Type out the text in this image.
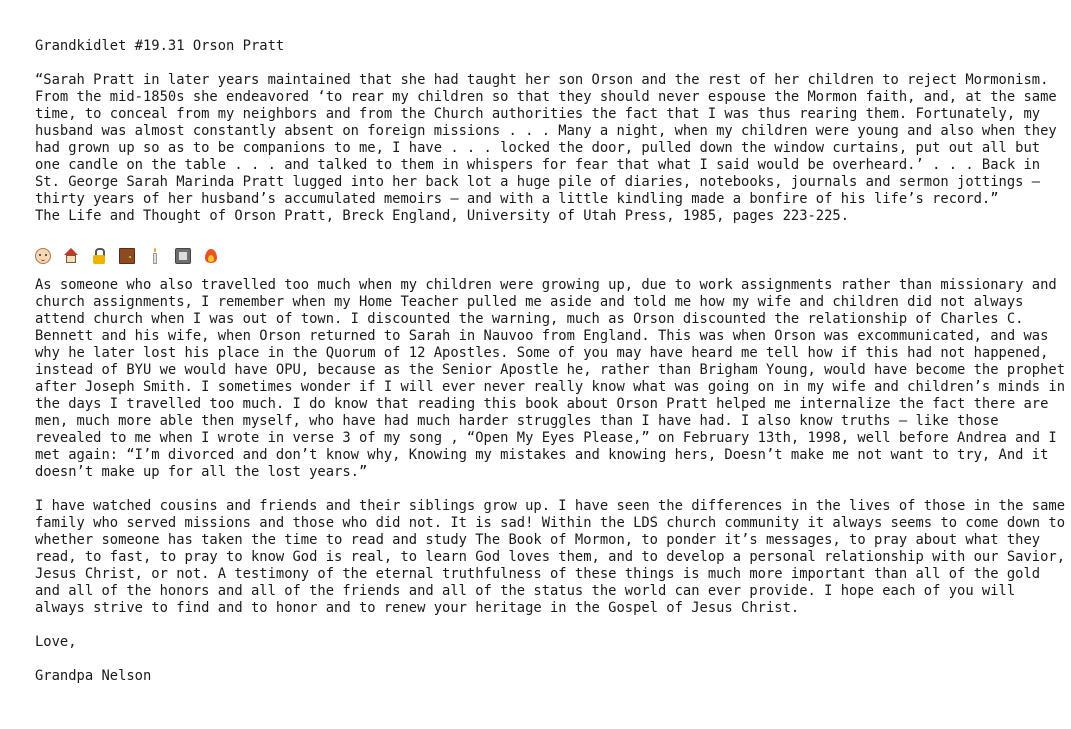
Grandkidlet #19.31 Orson Pratt
“Sarah Pratt in later years maintained that she had taught her son Orson and the rest of her children to reject Mormonism.
From the mid-1850s she endeavored ‘to rear my children so that they should never espouse the Mormon faith, and, at the same
time, to conceal from my neighbors and from the Church authorities the fact that I was thus rearing them. Fortunately, my
husband was almost constantly absent on foreign missions . . . Many a night, when my children were young and also when they
had grown up so as to be companions to me, I have . . . locked the door, pulled down the window curtains, put out all but
one candle on the table . . . and talked to them in whispers for fear that what I said would be overheard.’ . . . Back in
St. George Sarah Marinda Pratt lugged into her back lot a huge pile of diaries, notebooks, journals and sermon jottings –
thirty years of her husband’s accumulated memoirs – and with a little kindling made a bonfire of his life’s record.”
The Life and Thought of Orson Pratt, Breck England, University of Utah Press, 1985, pages 223-225.
As someone who also travelled too much when my children were growing up, due to work assignments rather than missionary and
church assignments, I remember when my Home Teacher pulled me aside and told me how my wife and children did not always
attend church when I was out of town. I discounted the warning, much as Orson discounted the relationship of Charles C.
Bennett and his wife, when Orson returned to Sarah in Nauvoo from England. This was when Orson was excommunicated, and was
why he later lost his place in the Quorum of 12 Apostles. Some of you may have heard me tell how if this had not happened,
instead of BYU we would have OPU, because as the Senior Apostle he, rather than Brigham Young, would have become the prophet
after Joseph Smith. I sometimes wonder if I will ever never really know what was going on in my wife and children’s minds in
the days I travelled too much. I do know that reading this book about Orson Pratt helped me internalize the fact there are
men, much more able then myself, who have had much harder struggles than I have had. I also know truths – like those
revealed to me when I wrote in verse 3 of my song , “Open My Eyes Please,” on February 13th, 1998, well before Andrea and I
met again: “I’m divorced and don’t know why, Knowing my mistakes and knowing hers, Doesn’t make me not want to try, And it
doesn’t make up for all the lost years.”
I have watched cousins and friends and their siblings grow up. I have seen the differences in the lives of those in the same
family who served missions and those who did not. It is sad! Within the LDS church community it always seems to come down to
whether someone has taken the time to read and study The Book of Mormon, to ponder it’s messages, to pray about what they
read, to fast, to pray to know God is real, to learn God loves them, and to develop a personal relationship with our Savior,
Jesus Christ, or not. A testimony of the eternal truthfulness of these things is much more important than all of the gold
and all of the honors and all of the friends and all of the status the world can ever provide. I hope each of you will
always strive to find and to honor and to renew your heritage in the Gospel of Jesus Christ.
Love,
Grandpa Nelson
